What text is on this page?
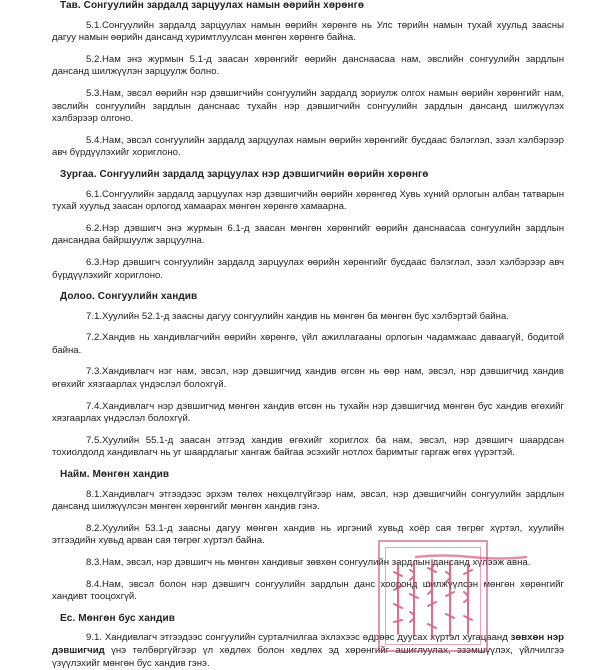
Тав. Сонгуулийн зардалд зарцуулах намын өөрийн хөрөнгө

5.1.Сонгуулийн зардалд зарцуулах намын өөрийн хөрөнгө нь Улс төрийн намын тухай хуульд заасны дагуу намын өөрийн дансанд хуримтлуулсан мөнгөн хөрөнгө байна.

5.2.Нам энэ журмын 5.1-д заасан хөрөнгийг өөрийн данснаасаа нам, эвслийн сонгуулийн зардлын дансанд шилжүүлэн зарцуулж болно.

5.3.Нам, эвсэл өөрийн нэр дэвшигчийн сонгуулийн зардалд зориулж олгох намын өөрийн хөрөнгийг нам, эвслийн сонгуулийн зардлын данснаас тухайн нэр дэвшигчийн сонгуулийн зардлын дансанд шилжүүлэх хэлбэрээр олгоно.

5.4.Нам, эвсэл сонгуулийн зардалд зарцуулах намын өөрийн хөрөнгийг бусдаас бэлэглэл, зээл хэлбэрээр авч бүрдүүлэхийг хориглоно.

Зургаа. Сонгуулийн зардалд зарцуулах нэр дэвшигчийн өөрийн хөрөнгө

6.1.Сонгуулийн зардалд зарцуулах нэр дэвшигчийн өөрийн хөрөнгөд Хувь хүний орлогын албан татварын тухай хуульд заасан орлогод хамаарах мөнгөн хөрөнгө хамаарна.

6.2.Нэр дэвшигч энэ журмын 6.1-д заасан мөнгөн хөрөнгийг өөрийн данснаасаа сонгуулийн зардлын дансандаа байршуулж зарцуулна.

6.3.Нэр дэвшигч сонгуулийн зардалд зарцуулах өөрийн хөрөнгийг бусдаас бэлэглэл, зээл хэлбэрээр авч бүрдүүлэхийг хориглоно.

Долоо. Сонгуулийн хандив

7.1.Хуулийн 52.1-д заасны дагуу сонгуулийн хандив нь мөнгөн ба мөнгөн бус хэлбэртэй байна.

7.2.Хандив нь хандивлагчийн өөрийн хөрөнгө, үйл ажиллагааны орлогын чадамжаас даваагүй, бодитой байна.

7.3.Хандивлагч нэг нам, эвсэл, нэр дэвшигчид хандив өгсөн нь өөр нам, эвсэл, нэр дэвшигчид хандив өгөхийг хязгаарлах үндэслэл болохгүй.

7.4.Хандивлагч нэр дэвшигчид мөнгөн хандив өгсөн нь тухайн нэр дэвшигчид мөнгөн бус хандив өгөхийг хязгаарлах үндэслэл болохгүй.

7.5.Хуулийн 55.1-д заасан этгээд хандив өгөхийг хориглох ба нам, эвсэл, нэр дэвшигч шаардсан тохиолдолд хандивлагч нь уг шаардлагыг хангаж байгаа эсэхийг нотлох баримтыг гаргаж өгөх үүрэгтэй.

Найм. Мөнгөн хандив

8.1.Хандивлагч этгээдээс эрхэм төлөх нөхцөлгүйгээр нам, эвсэл, нэр дэвшигчийн сонгуулийн зардлын дансанд шилжүүлсэн мөнгөн хөрөнгийг мөнгөн хандив гэнэ.

8.2.Хуулийн 53.1-д заасны дагуу мөнгөн хандив нь иргэний хувьд хоёр сая төгрөг хүртэл, хуулийн этгээдийн хувьд арван сая төгрөг хүртэл байна.

8.3.Нам, эвсэл, нэр дэвшигч нь мөнгөн хандивыг зөвхөн сонгуулийн зардлын дансанд хүлээж авна.

8.4.Нам, эвсэл болон нэр дэвшигч сонгуулийн зардлын данс хооронд шилжүүлсэн мөнгөн хөрөнгийг хандивт тооцохгүй.

Ес. Мөнгөн бус хандив

9.1. Хандивлагч этгээдээс сонгуулийн сурталчилгаа эхлэхээс өдрөөс дуусах хүртэл хугацаанд зөвхөн нэр дэвшигчид үнэ төлбөргүйгээр үл хөдлөх болон хөдлөх эд хөрөнгийг ашиглуулах, эзэмшүүлэх, үйлчилгээ үзүүлэхийг мөнгөн бус хандив гэнэ.
